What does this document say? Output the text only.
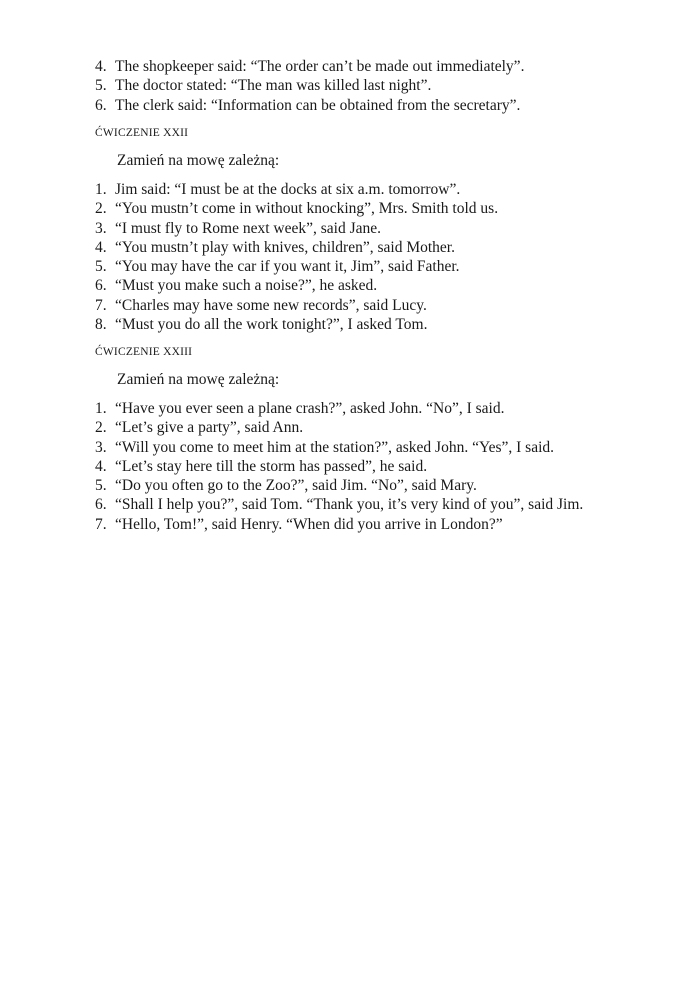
4. The shopkeeper said: “The order can’t be made out immediately”.
5. The doctor stated: “The man was killed last night”.
6. The clerk said: “Information can be obtained from the secretary”.
ĆWICZENIE XXII
Zamień na mowę zależną:
1. Jim said: “I must be at the docks at six a.m. tomorrow”.
2. “You mustn’t come in without knocking”, Mrs. Smith told us.
3. “I must fly to Rome next week”, said Jane.
4. “You mustn’t play with knives, children”, said Mother.
5. “You may have the car if you want it, Jim”, said Father.
6. “Must you make such a noise?”, he asked.
7. “Charles may have some new records”, said Lucy.
8. “Must you do all the work tonight?”, I asked Tom.
ĆWICZENIE XXIII
Zamień na mowę zależną:
1. “Have you ever seen a plane crash?”, asked John. “No”, I said.
2. “Let’s give a party”, said Ann.
3. “Will you come to meet him at the station?”, asked John. “Yes”, I said.
4. “Let’s stay here till the storm has passed”, he said.
5. “Do you often go to the Zoo?”, said Jim. “No”, said Mary.
6. “Shall I help you?”, said Tom. “Thank you, it’s very kind of you”, said Jim.
7. “Hello, Tom!”, said Henry. “When did you arrive in London?”
